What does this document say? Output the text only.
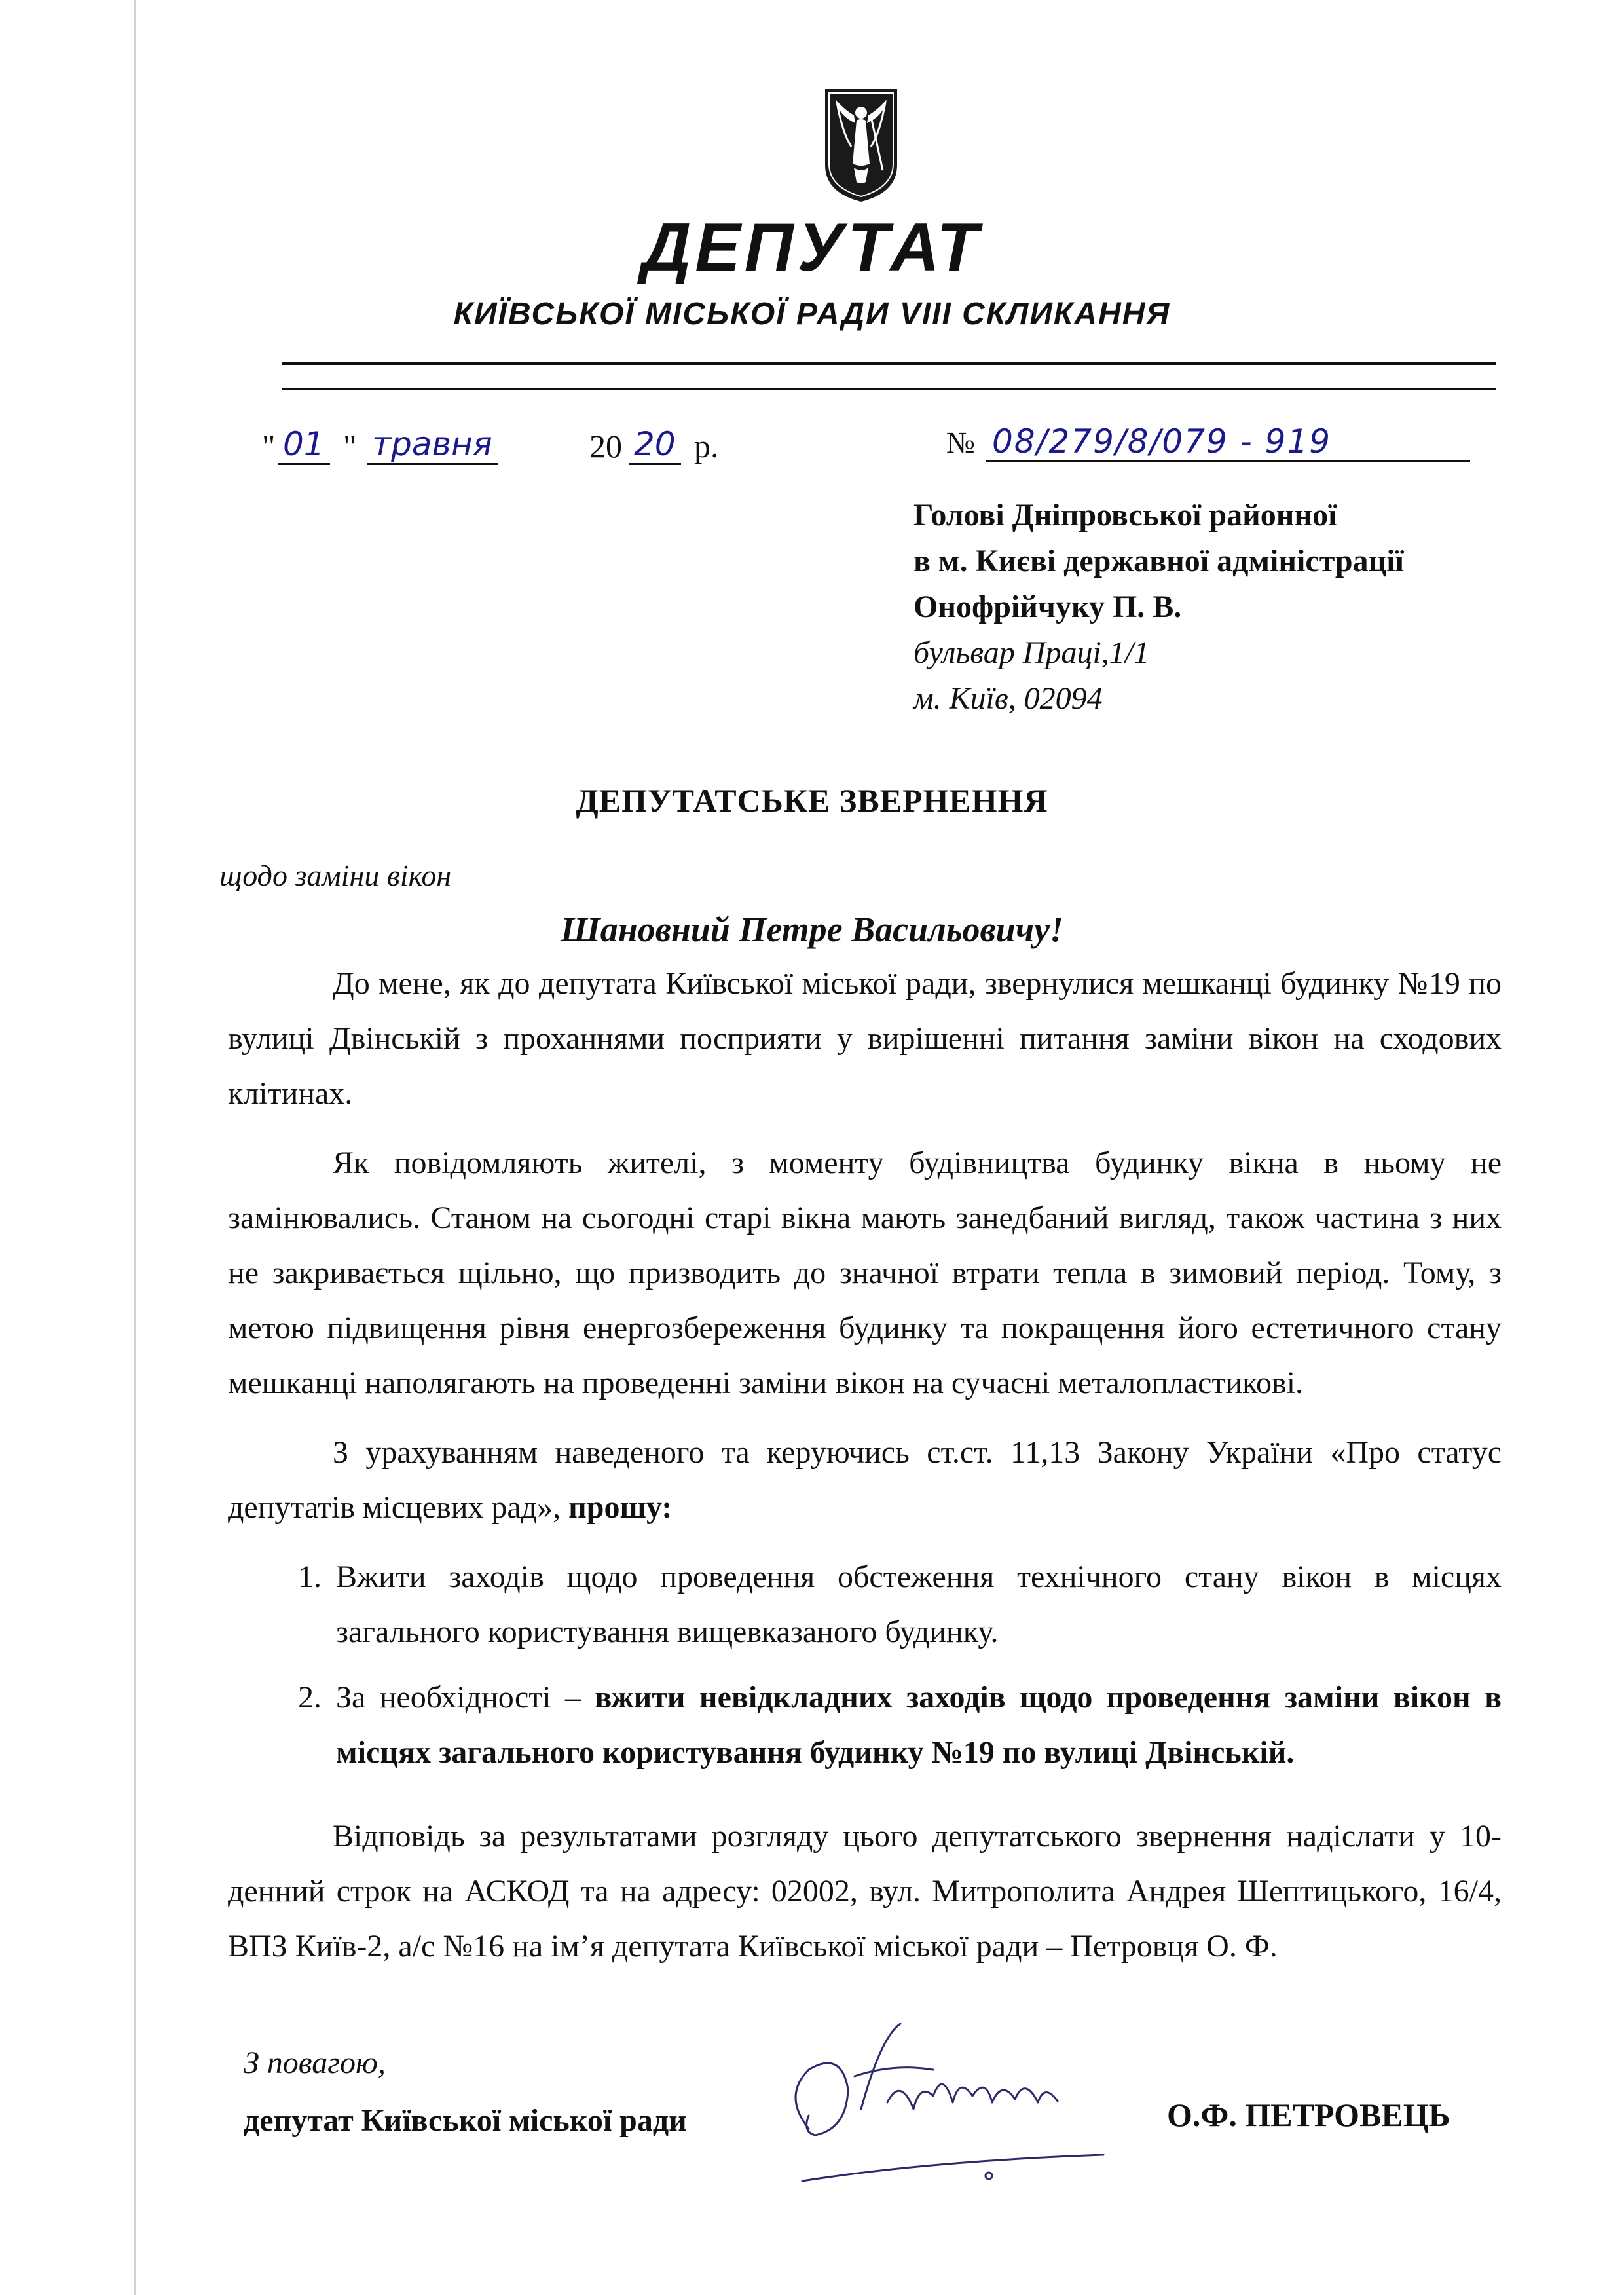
ДЕПУТАТ
КИЇВСЬКОЇ МІСЬКОЇ РАДИ VIII СКЛИКАННЯ
" 01 " травня	20 20 р.	№ 08/279/8/079 - 919
Голові Дніпровської районної
в м. Києві державної адміністрації
Онофрійчуку П. В.
бульвар Праці,1/1
м. Київ, 02094
ДЕПУТАТСЬКЕ ЗВЕРНЕННЯ
щодо заміни вікон
Шановний Петре Васильовичу!

До мене, як до депутата Київської міської ради, звернулися мешканці будинку №19 по вулиці Двінській з проханнями посприяти у вирішенні питання заміни вікон на сходових клітинах.

Як повідомляють жителі, з моменту будівництва будинку вікна в ньому не замінювались. Станом на сьогодні старі вікна мають занедбаний вигляд, також частина з них не закривається щільно, що призводить до значної втрати тепла в зимовий період. Тому, з метою підвищення рівня енергозбереження будинку та покращення його естетичного стану мешканці наполягають на проведенні заміни вікон на сучасні металопластикові.

З урахуванням наведеного та керуючись ст.ст. 11,13 Закону України «Про статус депутатів місцевих рад», прошу:

1. Вжити заходів щодо проведення обстеження технічного стану вікон в місцях загального користування вищевказаного будинку.
2. За необхідності – вжити невідкладних заходів щодо проведення заміни вікон в місцях загального користування будинку №19 по вулиці Двінській.

Відповідь за результатами розгляду цього депутатського звернення надіслати у 10-денний строк на АСКОД та на адресу: 02002, вул. Митрополита Андрея Шептицького, 16/4, ВПЗ Київ-2, а/с №16 на ім’я депутата Київської міської ради – Петровця О. Ф.

З повагою,
депутат Київської міської ради	О.Ф. ПЕТРОВЕЦЬ
